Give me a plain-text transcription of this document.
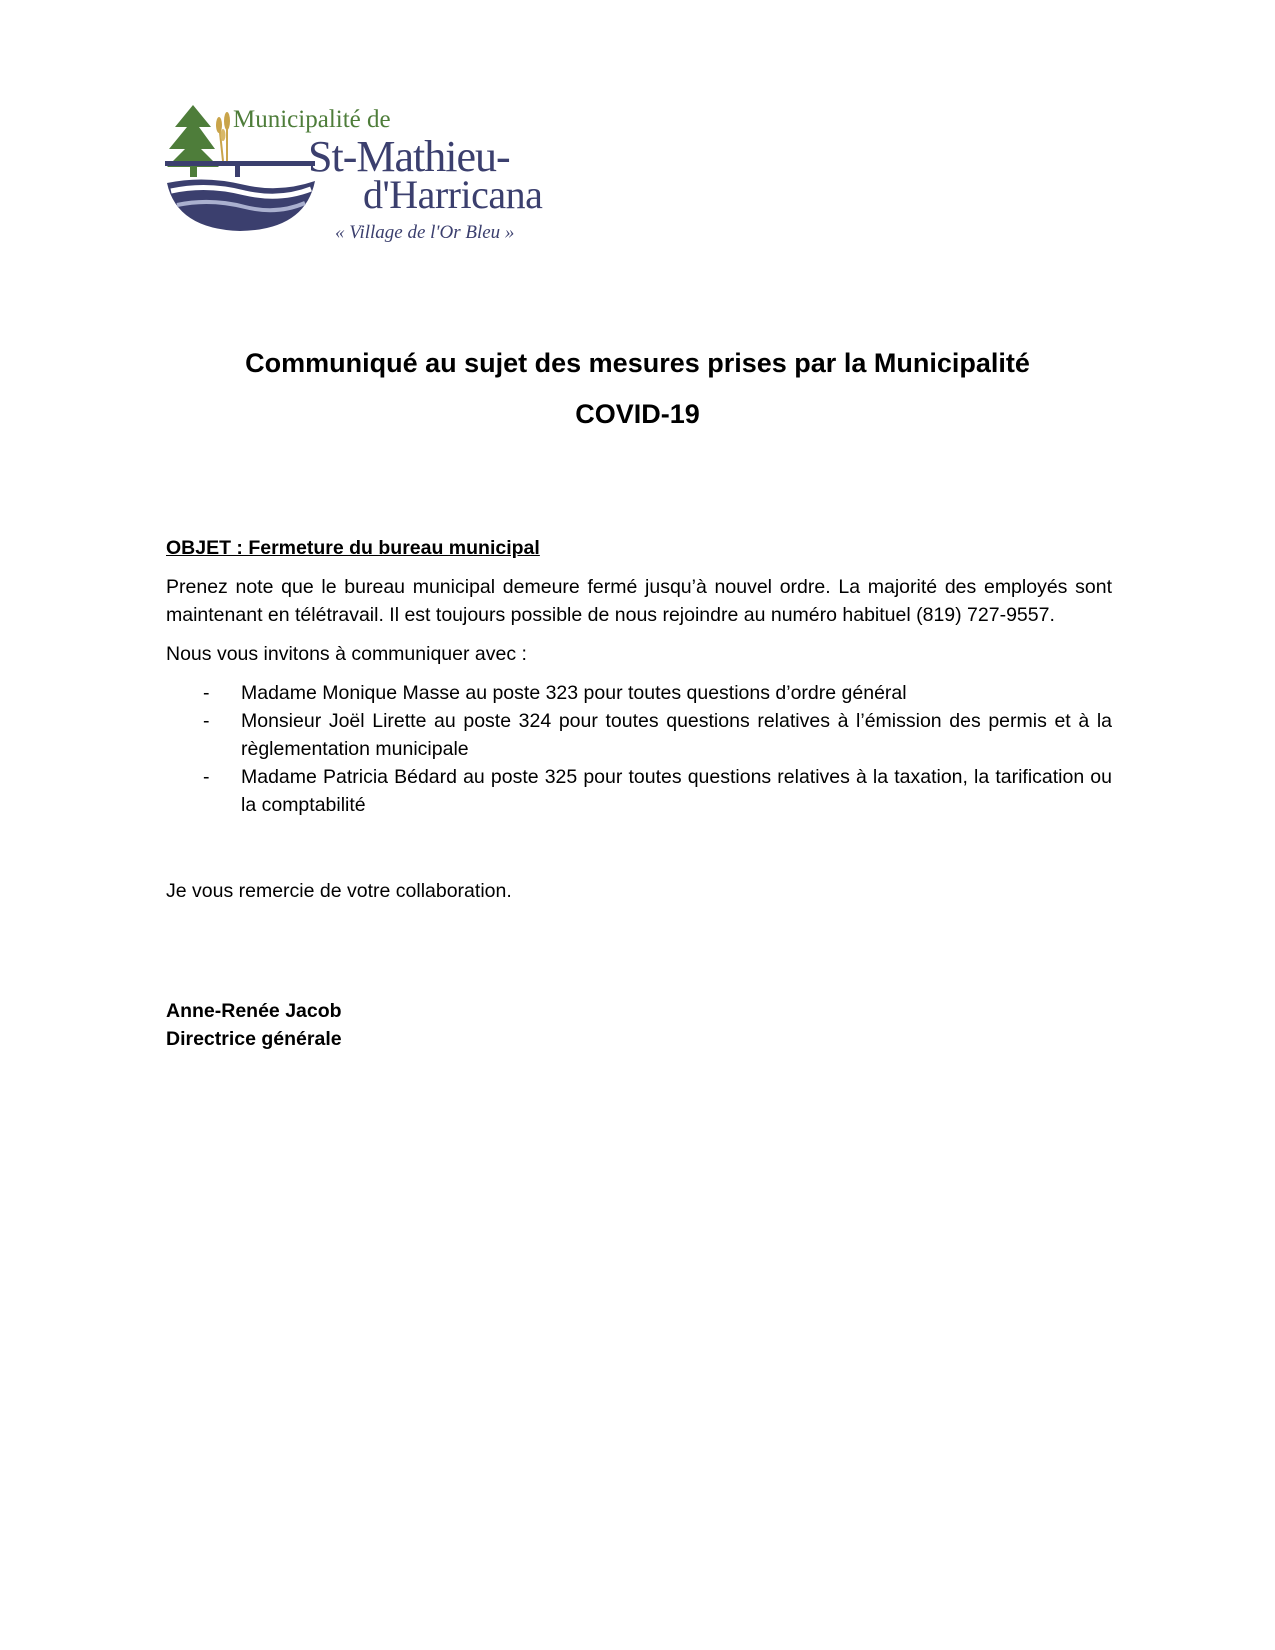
Municipalité de
St-Mathieu-
d'Harricana
« Village de l'Or Bleu »
Communiqué au sujet des mesures prises par la Municipalité
COVID-19

OBJET : Fermeture du bureau municipal

Prenez note que le bureau municipal demeure fermé jusqu’à nouvel ordre. La majorité des employés sont maintenant en télétravail. Il est toujours possible de nous rejoindre au numéro habituel (819) 727-9557.

Nous vous invitons à communiquer avec :

- Madame Monique Masse au poste 323 pour toutes questions d’ordre général
- Monsieur Joël Lirette au poste 324 pour toutes questions relatives à l’émission des permis et à la règlementation municipale
- Madame Patricia Bédard au poste 325 pour toutes questions relatives à la taxation, la tarification ou la comptabilité

Je vous remercie de votre collaboration.

Anne-Renée Jacob
Directrice générale
